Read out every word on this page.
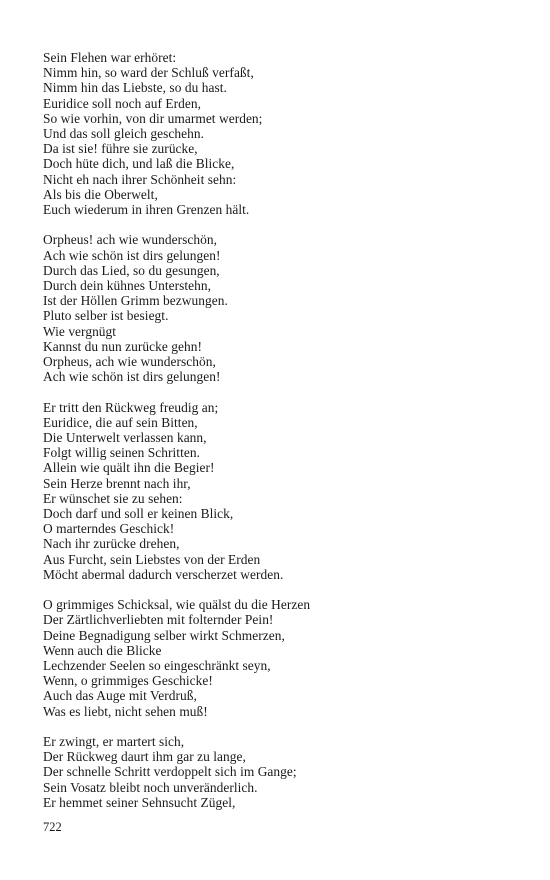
Sein Flehen war erhöret:
Nimm hin, so ward der Schluß verfaßt,
Nimm hin das Liebste, so du hast.
Euridice soll noch auf Erden,
So wie vorhin, von dir umarmet werden;
Und das soll gleich geschehn.
Da ist sie! führe sie zurücke,
Doch hüte dich, und laß die Blicke,
Nicht eh nach ihrer Schönheit sehn:
Als bis die Oberwelt,
Euch wiederum in ihren Grenzen hält.
Orpheus! ach wie wunderschön,
Ach wie schön ist dirs gelungen!
Durch das Lied, so du gesungen,
Durch dein kühnes Unterstehn,
Ist der Höllen Grimm bezwungen.
Pluto selber ist besiegt.
Wie vergnügt
Kannst du nun zurücke gehn!
Orpheus, ach wie wunderschön,
Ach wie schön ist dirs gelungen!
Er tritt den Rückweg freudig an;
Euridice, die auf sein Bitten,
Die Unterwelt verlassen kann,
Folgt willig seinen Schritten.
Allein wie quält ihn die Begier!
Sein Herze brennt nach ihr,
Er wünschet sie zu sehen:
Doch darf und soll er keinen Blick,
O marterndes Geschick!
Nach ihr zurücke drehen,
Aus Furcht, sein Liebstes von der Erden
Möcht abermal dadurch verscherzet werden.
O grimmiges Schicksal, wie quälst du die Herzen
Der Zärtlichverliebten mit folternder Pein!
Deine Begnadigung selber wirkt Schmerzen,
Wenn auch die Blicke
Lechzender Seelen so eingeschränkt seyn,
Wenn, o grimmiges Geschicke!
Auch das Auge mit Verdruß,
Was es liebt, nicht sehen muß!
Er zwingt, er martert sich,
Der Rückweg daurt ihm gar zu lange,
Der schnelle Schritt verdoppelt sich im Gange;
Sein Vosatz bleibt noch unveränderlich.
Er hemmet seiner Sehnsucht Zügel,
722
